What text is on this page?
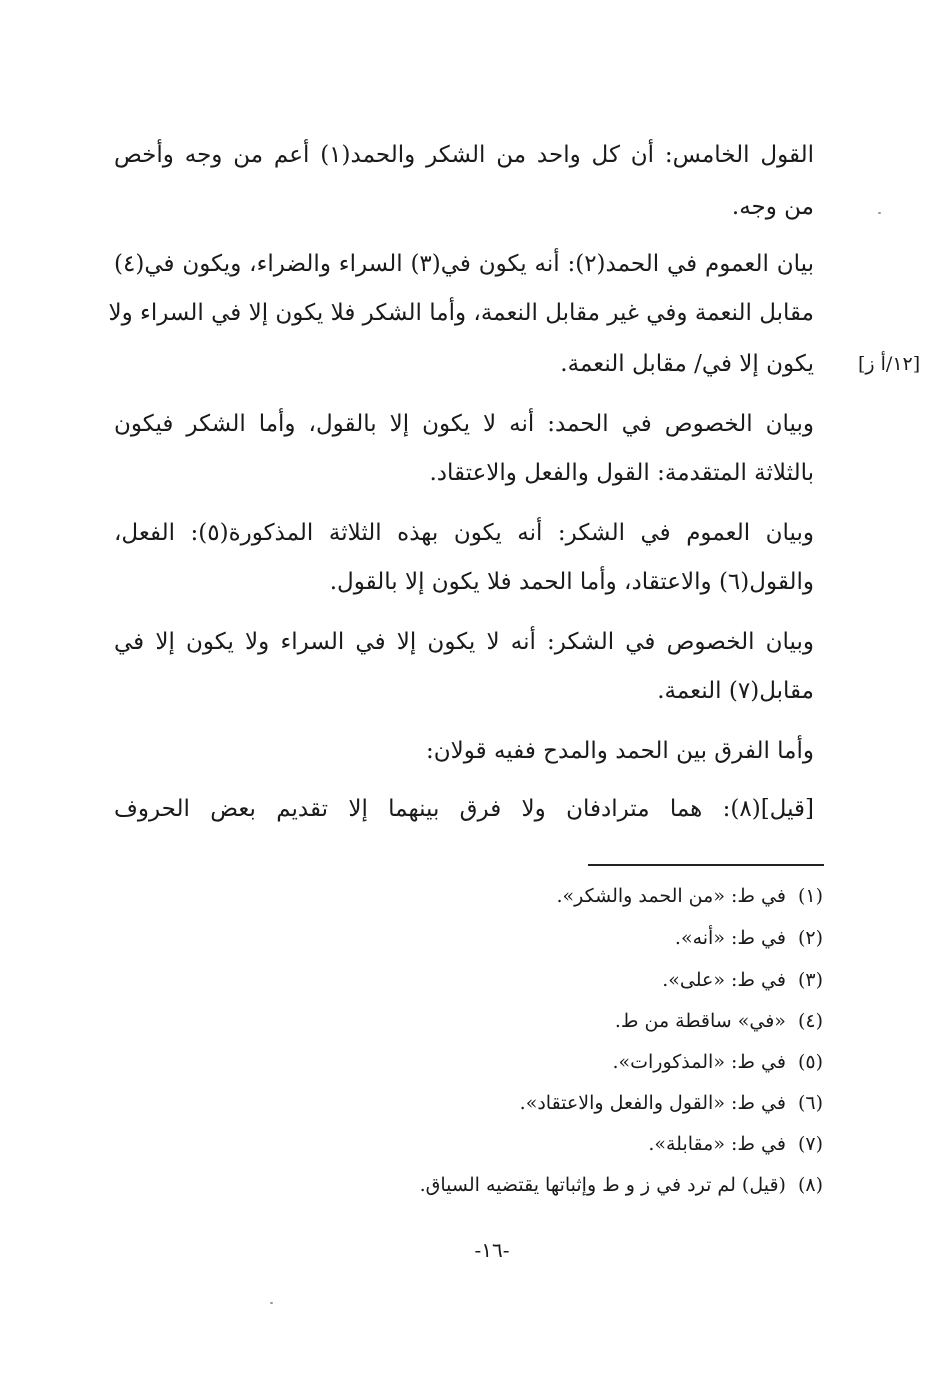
القول الخامس: أن كل واحد من الشكر والحمد(١) أعم من وجه وأخص
من وجه.
بيان العموم في الحمد(٢): أنه يكون في(٣) السراء والضراء، ويكون في(٤)
مقابل النعمة وفي غير مقابل النعمة، وأما الشكر فلا يكون إلا في السراء ولا
يكون إلا في/ مقابل النعمة. [١٢/أ ز]
وبيان الخصوص في الحمد: أنه لا يكون إلا بالقول، وأما الشكر فيكون
بالثلاثة المتقدمة: القول والفعل والاعتقاد.
وبيان العموم في الشكر: أنه يكون بهذه الثلاثة المذكورة(٥): الفعل،
والقول(٦) والاعتقاد، وأما الحمد فلا يكون إلا بالقول.
وبيان الخصوص في الشكر: أنه لا يكون إلا في السراء ولا يكون إلا في
مقابل(٧) النعمة.
وأما الفرق بين الحمد والمدح ففيه قولان:
[قيل](٨): هما مترادفان ولا فرق بينهما إلا تقديم بعض الحروف
(١)في ط: «من الحمد والشكر».
(٢)في ط: «أنه».
(٣)في ط: «على».
(٤)«في» ساقطة من ط.
(٥)في ط: «المذكورات».
(٦)في ط: «القول والفعل والاعتقاد».
(٧)في ط: «مقابلة».
(٨)(قيل) لم ترد في ز و ط وإثباتها يقتضيه السياق.
-١٦-
